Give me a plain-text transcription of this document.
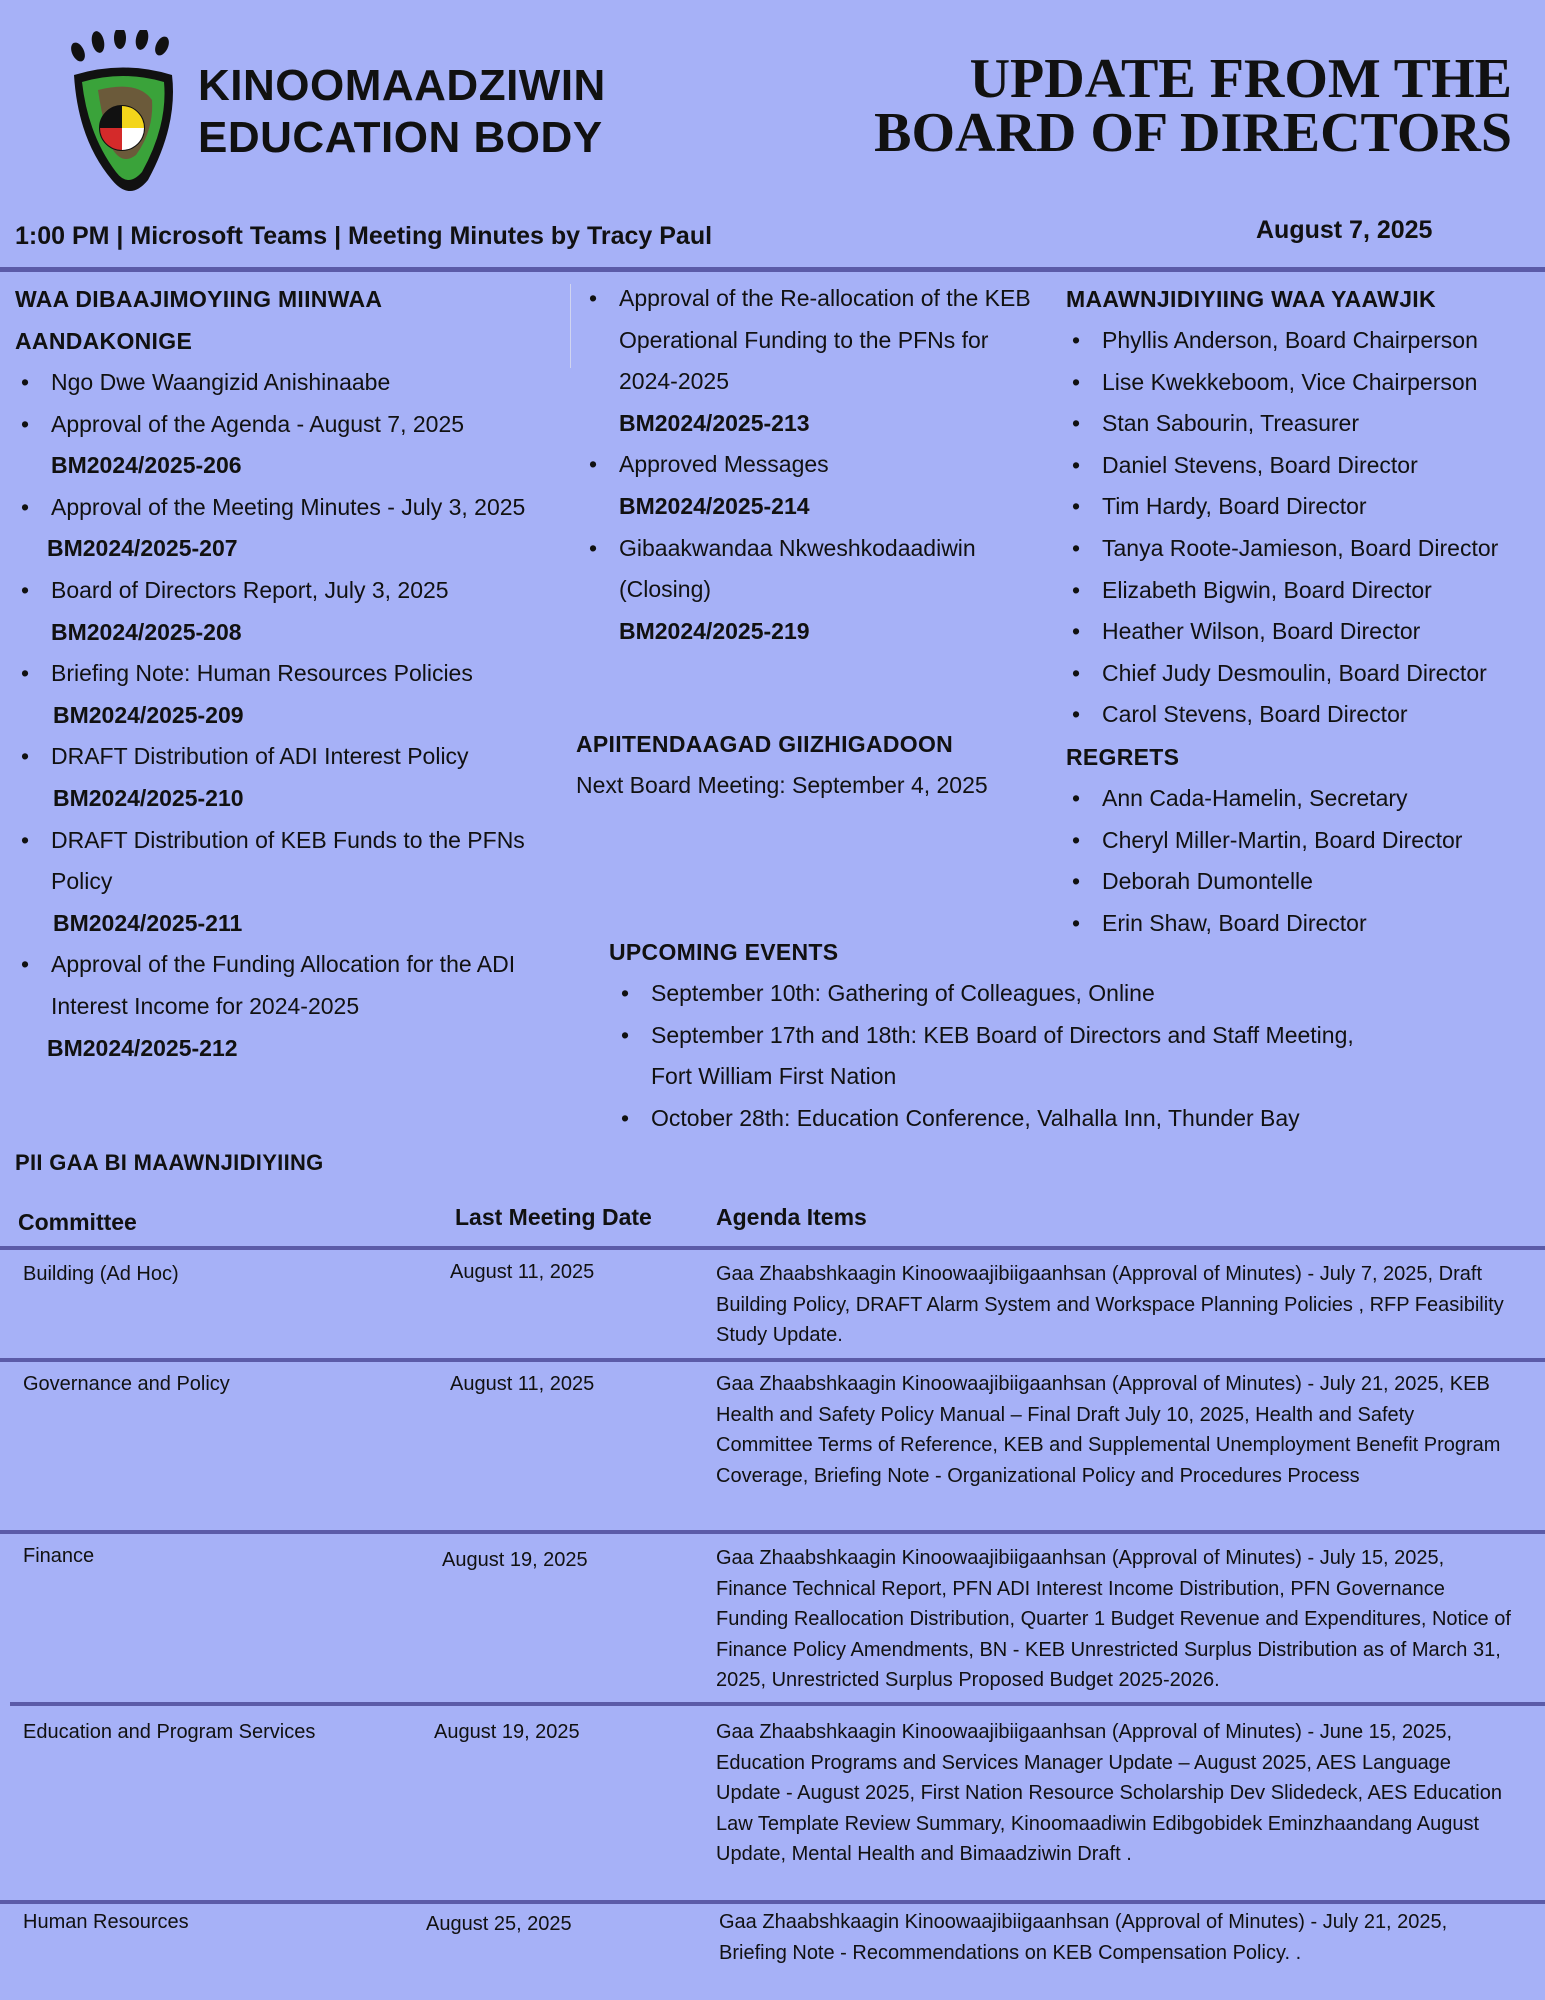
KINOOMAADZIWIN
EDUCATION BODY
UPDATE FROM THE
BOARD OF DIRECTORS
1:00 PM | Microsoft Teams | Meeting Minutes by Tracy Paul	August 7, 2025
WAA DIBAAJIMOYIING MIINWAA
AANDAKONIGE
• Ngo Dwe Waangizid Anishinaabe
• Approval of the Agenda - August 7, 2025
BM2024/2025-206
• Approval of the Meeting Minutes - July 3, 2025
BM2024/2025-207
• Board of Directors Report, July 3, 2025
BM2024/2025-208
• Briefing Note: Human Resources Policies
BM2024/2025-209
• DRAFT Distribution of ADI Interest Policy
BM2024/2025-210
• DRAFT Distribution of KEB Funds to the PFNs Policy
BM2024/2025-211
• Approval of the Funding Allocation for the ADI Interest Income for 2024-2025
BM2024/2025-212
• Approval of the Re-allocation of the KEB Operational Funding to the PFNs for 2024-2025
BM2024/2025-213
• Approved Messages
BM2024/2025-214
• Gibaakwandaa Nkweshkodaadiwin (Closing)
BM2024/2025-219
APIITENDAAGAD GIIZHIGADOON
Next Board Meeting: September 4, 2025
MAAWNJIDIYIING WAA YAAWJIK
• Phyllis Anderson, Board Chairperson
• Lise Kwekkeboom, Vice Chairperson
• Stan Sabourin, Treasurer
• Daniel Stevens, Board Director
• Tim Hardy, Board Director
• Tanya Roote-Jamieson, Board Director
• Elizabeth Bigwin, Board Director
• Heather Wilson, Board Director
• Chief Judy Desmoulin, Board Director
• Carol Stevens, Board Director
REGRETS
• Ann Cada-Hamelin, Secretary
• Cheryl Miller-Martin, Board Director
• Deborah Dumontelle
• Erin Shaw, Board Director
UPCOMING EVENTS
• September 10th: Gathering of Colleagues, Online
• September 17th and 18th: KEB Board of Directors and Staff Meeting, Fort William First Nation
• October 28th: Education Conference, Valhalla Inn, Thunder Bay
PII GAA BI MAAWNJIDIYIING
Committee	Last Meeting Date	Agenda Items
Building (Ad Hoc)	August 11, 2025	Gaa Zhaabshkaagin Kinoowaajibiigaanhsan (Approval of Minutes) - July 7, 2025, Draft Building Policy, DRAFT Alarm System and Workspace Planning Policies , RFP Feasibility Study Update.
Governance and Policy	August 11, 2025	Gaa Zhaabshkaagin Kinoowaajibiigaanhsan (Approval of Minutes) - July 21, 2025, KEB Health and Safety Policy Manual – Final Draft July 10, 2025, Health and Safety Committee Terms of Reference, KEB and Supplemental Unemployment Benefit Program Coverage, Briefing Note - Organizational Policy and Procedures Process
Finance	August 19, 2025	Gaa Zhaabshkaagin Kinoowaajibiigaanhsan (Approval of Minutes) - July 15, 2025, Finance Technical Report, PFN ADI Interest Income Distribution, PFN Governance Funding Reallocation Distribution, Quarter 1 Budget Revenue and Expenditures, Notice of Finance Policy Amendments, BN - KEB Unrestricted Surplus Distribution as of March 31, 2025, Unrestricted Surplus Proposed Budget 2025-2026.
Education and Program Services	August 19, 2025	Gaa Zhaabshkaagin Kinoowaajibiigaanhsan (Approval of Minutes) - June 15, 2025, Education Programs and Services Manager Update – August 2025, AES Language Update - August 2025, First Nation Resource Scholarship Dev Slidedeck, AES Education Law Template Review Summary, Kinoomaadiwin Edibgobidek Eminzhaandang August Update, Mental Health and Bimaadziwin Draft .
Human Resources	August 25, 2025	Gaa Zhaabshkaagin Kinoowaajibiigaanhsan (Approval of Minutes) - July 21, 2025, Briefing Note - Recommendations on KEB Compensation Policy. .
